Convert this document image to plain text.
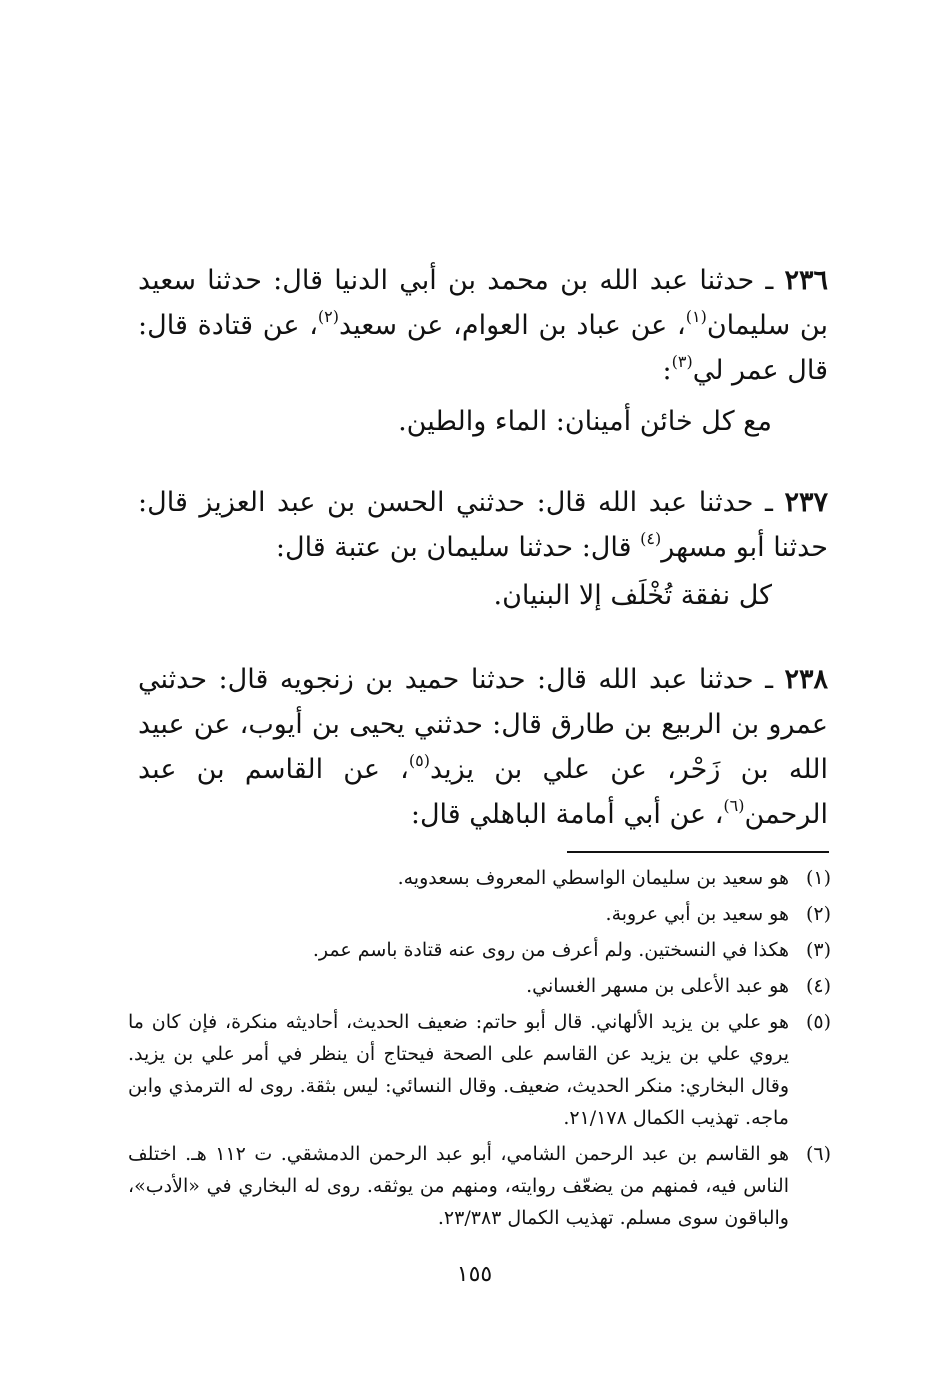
٢٣٦ ـ حدثنا عبد الله بن محمد بن أبي الدنيا قال: حدثنا سعيد بن سليمان$^{(١)}$، عن عباد بن العوام، عن سعيد$^{(٢)}$، عن قتادة قال: قال عمر لي$^{(٣)}$:
مع كل خائن أمينان: الماء والطين.
٢٣٧ ـ حدثنا عبد الله قال: حدثني الحسن بن عبد العزيز قال: حدثنا أبو مسهر$^{(٤)}$ قال: حدثنا سليمان بن عتبة قال:
كل نفقة تُخْلَف إلا البنيان.
٢٣٨ ـ حدثنا عبد الله قال: حدثنا حميد بن زنجويه قال: حدثني عمرو بن الربيع بن طارق قال: حدثني يحيى بن أيوب، عن عبيد الله بن زَحْر، عن علي بن يزيد$^{(٥)}$، عن القاسم بن عبد الرحمن$^{(٦)}$، عن أبي أمامة الباهلي قال:
(١)
هو سعيد بن سليمان الواسطي المعروف بسعدويه.
(٢)
هو سعيد بن أبي عروبة.
(٣)
هكذا في النسختين. ولم أعرف من روى عنه قتادة باسم عمر.
(٤)
هو عبد الأعلى بن مسهر الغساني.
(٥)
هو علي بن يزيد الألهاني. قال أبو حاتم: ضعيف الحديث، أحاديثه منكرة، فإن كان ما يروي علي بن يزيد عن القاسم على الصحة فيحتاج أن ينظر في أمر علي بن يزيد. وقال البخاري: منكر الحديث، ضعيف. وقال النسائي: ليس بثقة. روى له الترمذي وابن ماجه. تهذيب الكمال ٢١/١٧٨.
(٦)
هو القاسم بن عبد الرحمن الشامي، أبو عبد الرحمن الدمشقي. ت ١١٢ هـ. اختلف الناس فيه، فمنهم من يضعّف روايته، ومنهم من يوثقه. روى له البخاري في «الأدب»، والباقون سوى مسلم. تهذيب الكمال ٢٣/٣٨٣.
١٥٥
